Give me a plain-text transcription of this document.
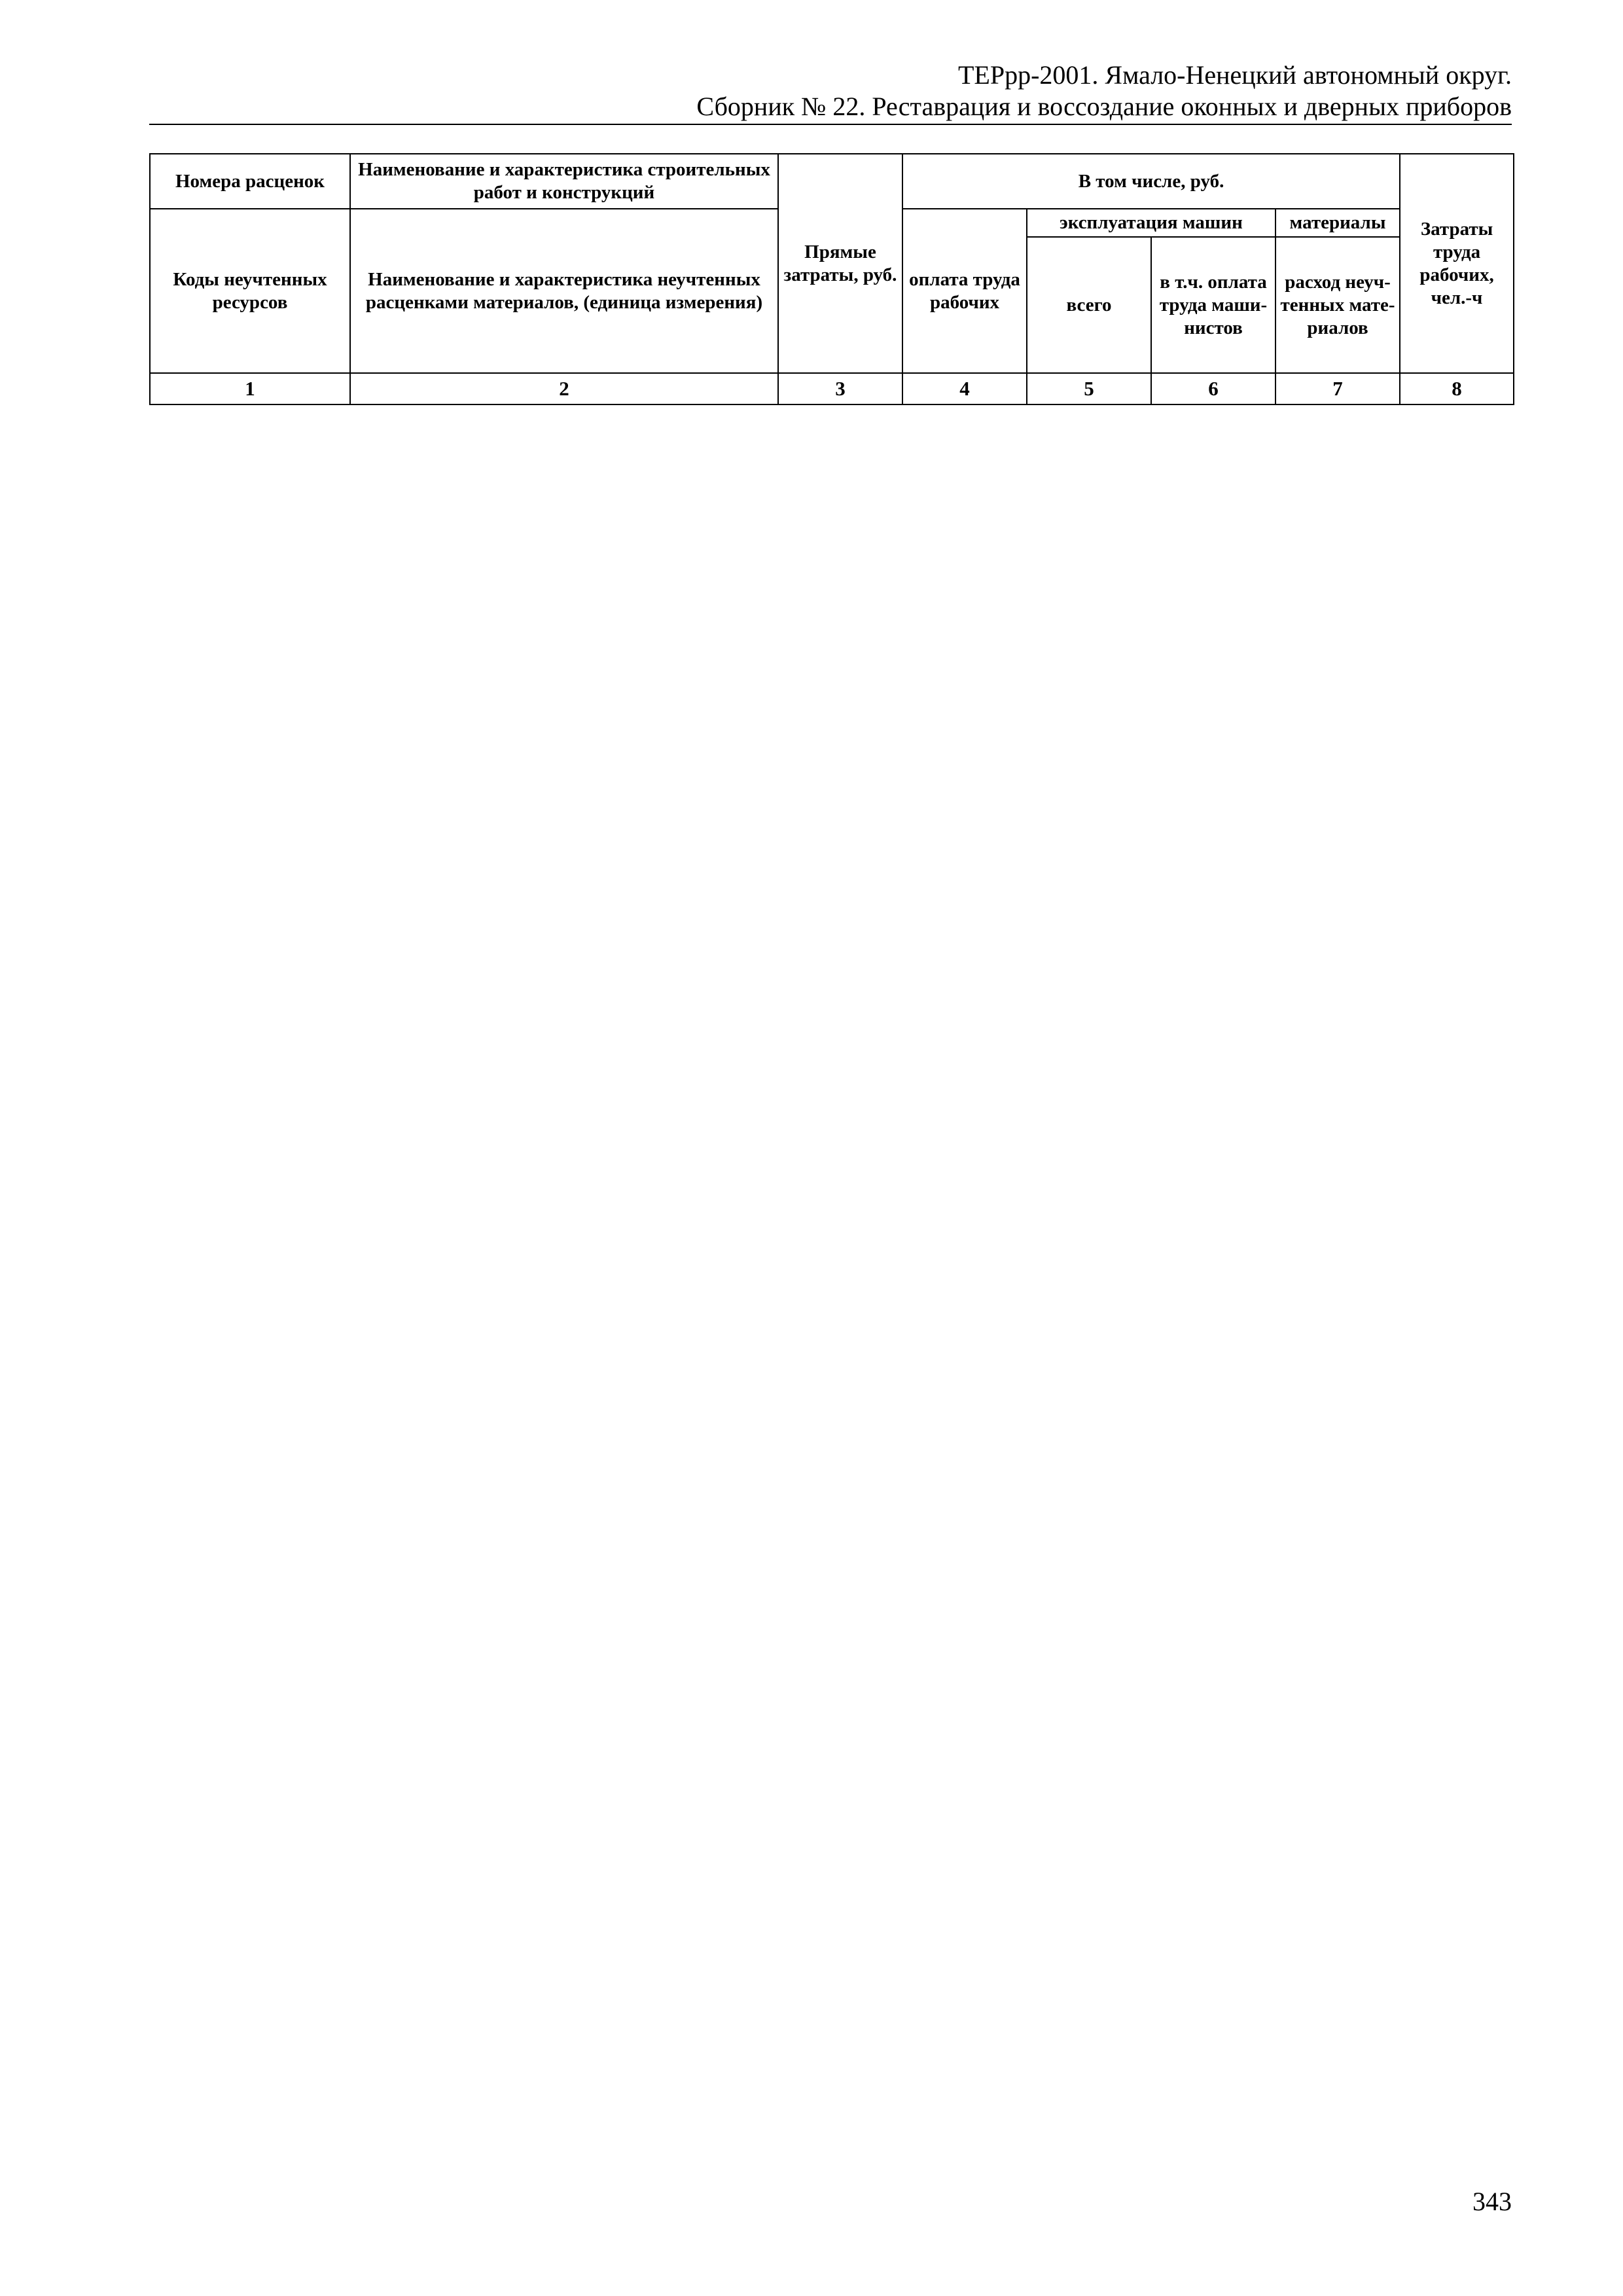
ТЕРрр-2001. Ямало-Ненецкий автономный округ.
Сборник № 22. Реставрация и воссоздание оконных и дверных приборов
Номера расценок	Наименование и характеристика строительных работ и конструкций	Прямые затраты, руб.	В том числе, руб.				Затраты труда рабочих, чел.-ч
Коды неучтенных ресурсов	Наименование и характеристика неучтенных расценками материалов, (единица измерения)		оплата труда рабочих	эксплуатация машин		материалы	
				всего	в т.ч. оплата труда маши-нистов	расход неуч-тенных мате-риалов	
1	2	3	4	5	6	7	8
343
